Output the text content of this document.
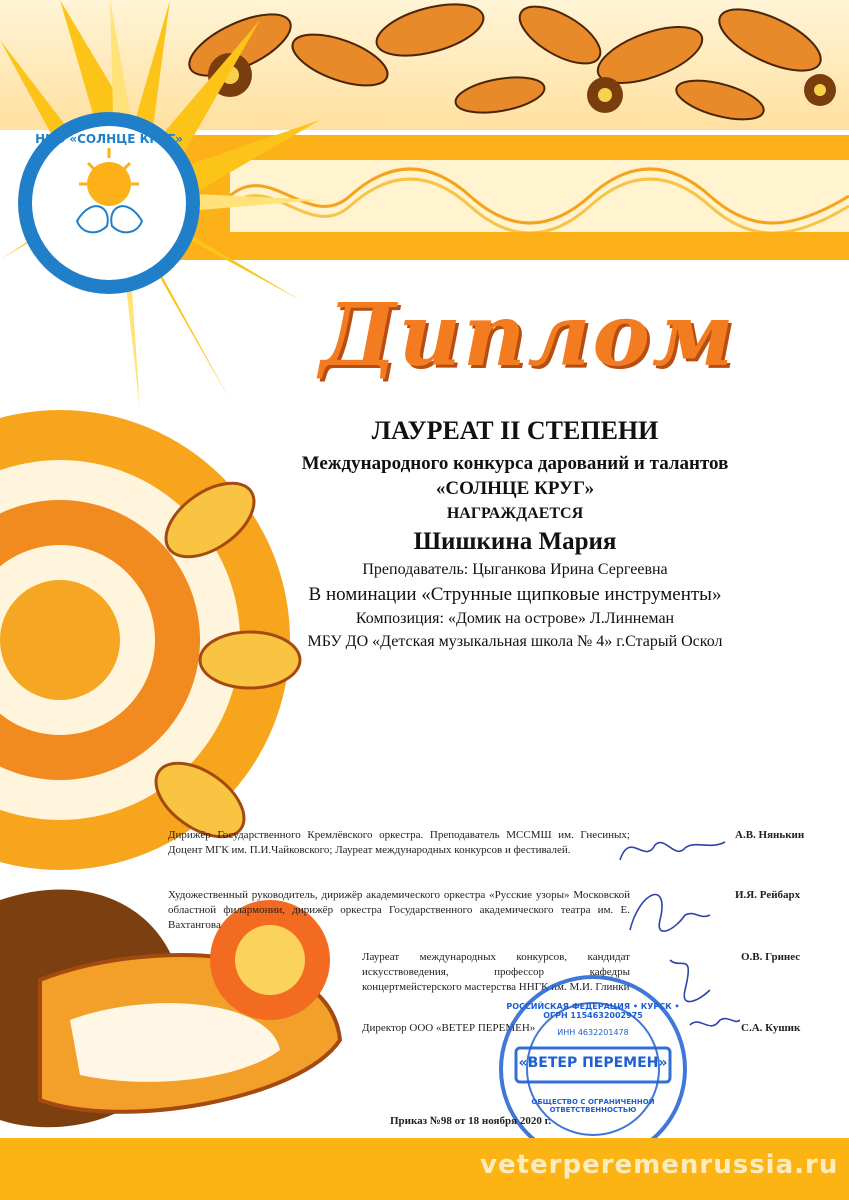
НКО «СОЛНЦЕ КРУГ»
Диплом
ЛАУРЕАТ II СТЕПЕНИ
Международного конкурса дарований и талантов
«СОЛНЦЕ КРУГ»
НАГРАЖДАЕТСЯ
Шишкина Мария
Преподаватель: Цыганкова Ирина Сергеевна
В номинации «Струнные щипковые инструменты»
Композиция: «Домик на острове» Л.Линнеман
МБУ ДО «Детская музыкальная школа № 4» г.Старый Оскол
Дирижёр Государственного Кремлёвского оркестра. Преподаватель МССМШ им. Гнесиных; Доцент МГК им. П.И.Чайковского; Лауреат международных конкурсов и фестивалей.
А.В. Нянькин
Художественный руководитель, дирижёр академического оркестра «Русские узоры» Московской областной филармонии, дирижёр оркестра Государственного академического театра им. Е. Вахтангова
И.Я. Рейбарх
Лауреат международных конкурсов, кандидат искусствоведения, профессор кафедры концертмейстерского мастерства ННГК им. М.И. Глинки
О.В. Гринес
Директор ООО «ВЕТЕР ПЕРЕМЕН»	С.А. Кушик
РОССИЙСКАЯ ФЕДЕРАЦИЯ • КУРСК • ОГРН 1154632002975
ИНН 4632201478
«ВЕТЕР ПЕРЕМЕН»
ОБЩЕСТВО С ОГРАНИЧЕННОЙ ОТВЕТСТВЕННОСТЬЮ
Приказ №98 от 18 ноября 2020 г.
veterperemenrussia.ru
